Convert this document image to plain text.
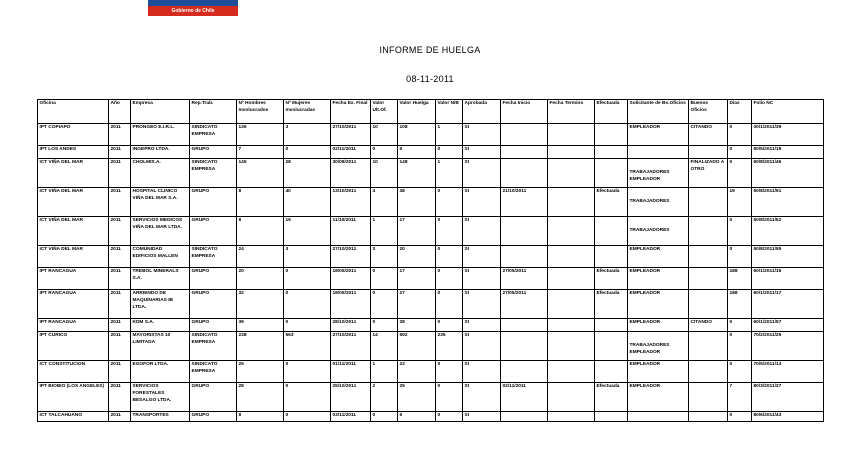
Gobierno de Chile
INFORME DE HUELGA
08-11-2011
Oficina	Año	Empresa	Rep.Trab.	Nº Hombres Involucrados	Nº Mujeres Involucradas	Fecha Ex. Final	Valor Ult.Of.	Valor Huelga	Valor N/B	Aprobada	Fecha Inicio	Fecha Termino	Efectuada	Solicitante de Bs.Oficios	Buenos Oficios	Dias	Folio NC
IPT COPIAPO	2011	PRONGEO E.I.R.L.	SINDICATO EMPRESA	139	3	27/10/2011	10	108	1	SI				EMPLEADOR	CITANDO	0	30/1/2011/39
IPT LOS ANDES	2011	INGEPRO LTDA.	GRUPO	7	0	02/11/2011	0	5	0	SI						0	50/5/2011/19
ICT VIÑA DEL MAR	2011	CHOLMIS.A.	SINDICATO EMPRESA	145	28	30/08/2011	10	148	1	SI				TRABAJADORES EMPLEADOR	FINALIZADO A OTRO	0	50/8/2011/46
ICT VIÑA DEL MAR	2011	HOSPITAL CLINICO VIÑA DEL MAR S.A.	GRUPO	8	40	13/10/2011	4	38	0	SI	21/10/2011		Efectuada	TRABAJADORES		19	50/8/2011/51
ICT VIÑA DEL MAR	2011	SERVICIOS MEDICOS VIÑA DEL MAR LTDA.	GRUPO	8	19	11/10/2011	1	17	0	SI				TRABAJADORES		0	50/8/2011/52
ICT VIÑA DEL MAR	2011	COMUNIDAD EDIFICIOS MALLEN	SINDICATO EMPRESA	24	3	27/10/2011	3	20	0	SI				EMPLEADOR		0	50/8/2011/55
IPT RANCAGUA	2011	TREBOL MINERALS S.A.	GRUPO	20	0	18/05/2011	0	17	0	SI	27/05/2011		Efectuada	EMPLEADOR		188	60/1/2011/16
IPT RANCAGUA	2011	ARRIENDO DE MAQUINARIAS IB LTDA.	GRUPO	32	0	18/05/2011	0	27	0	SI	27/05/2011		Efectuada	EMPLEADOR		188	60/1/2011/17
IPT RANCAGUA	2011	KDM S.A.	GRUPO	39	0	28/10/2011	0	28	0	SI				EMPLEADOR	CITANDO	0	60/1/2011/57
IPT CURICO	2011	MAYORISTAS 10 LIMITADA	SINDICATO EMPRESA	238	563	27/10/2011	14	592	235	SI				TRABAJADORES EMPLEADOR		0	70/2/2011/25
ICT CONSTITUCION	2011	EGOFOR LTDA.	SINDICATO EMPRESA	25	0	01/11/2011	1	22	0	SI				EMPLEADOR		0	70/5/2011/14
IPT BIOBIO (LOS ANGELES)	2011	SERVICIOS FORESTALES BESALGO LTDA.	GRUPO	28	0	25/10/2011	2	25	0	SI	02/11/2011		Efectuada	EMPLEADOR		7	80/3/2011/37
ICT TALCAHUANO	2011	TRANSPORTES	GRUPO	8	0	03/11/2011	0	6	0	SI						0	80/6/2011/43
